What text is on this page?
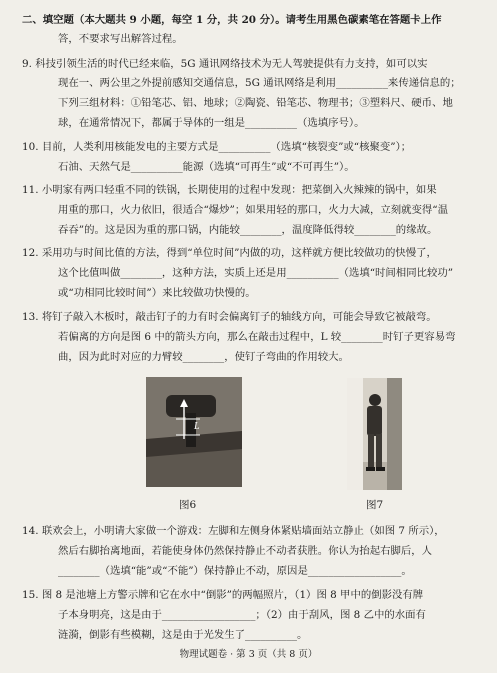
二、填空题（本大题共 9 小题，每空 1 分，共 20 分）。请考生用黑色碳素笔在答题卡上作
答，不要求写出解答过程。
9. 科技引领生活的时代已经来临，5G 通讯网络技术为无人驾驶提供有力支持，如可以实
现在一、两公里之外提前感知交通信息，5G 通讯网络是利用__________来传递信息的；
下列三组材料：①铅笔芯、铝、地球；②陶瓷、铅笔芯、物理书；③塑料尺、硬币、地
球，在通常情况下，都属于导体的一组是__________（选填序号）。
10. 目前，人类利用核能发电的主要方式是__________（选填“核裂变”或“核聚变”）；
石油、天然气是__________能源（选填“可再生”或“不可再生”）。
11. 小明家有两口轻重不同的铁锅，长期使用的过程中发现：把菜倒入火辣辣的锅中，如果
用重的那口，火力依旧，很适合“爆炒”；如果用轻的那口，火力大减，立刻就变得“温
吞吞”的。这是因为重的那口锅，内能较________，温度降低得较________的缘故。
12. 采用功与时间比值的方法，得到“单位时间”内做的功，这样就方便比较做功的快慢了，
这个比值叫做________，这种方法，实质上还是用__________（选填“时间相同比较功”
或“功相同比较时间”）来比较做功快慢的。
13. 将钉子敲入木板时，敲击钉子的力有时会偏离钉子的轴线方向，可能会导致它被敲弯。
若偏离的方向是图 6 中的箭头方向，那么在敲击过程中，L 较________时钉子更容易弯
曲，因为此时对应的力臂较________，使钉子弯曲的作用较大。
L
图6	图7
14. 联欢会上，小明请大家做一个游戏：左脚和左侧身体紧贴墙面站立静止（如图 7 所示），
然后右脚抬离地面，若能使身体仍然保持静止不动者获胜。你认为抬起右脚后，人
________（选填“能”或“不能”）保持静止不动，原因是__________________。
15. 图 8 是池塘上方警示牌和它在水中“倒影”的两幅照片，（1）图 8 甲中的倒影没有牌
子本身明亮，这是由于__________________；（2）由于刮风，图 8 乙中的水面有
涟漪，倒影有些模糊，这是由于光发生了__________。
物理试题卷 · 第 3 页（共 8 页）
